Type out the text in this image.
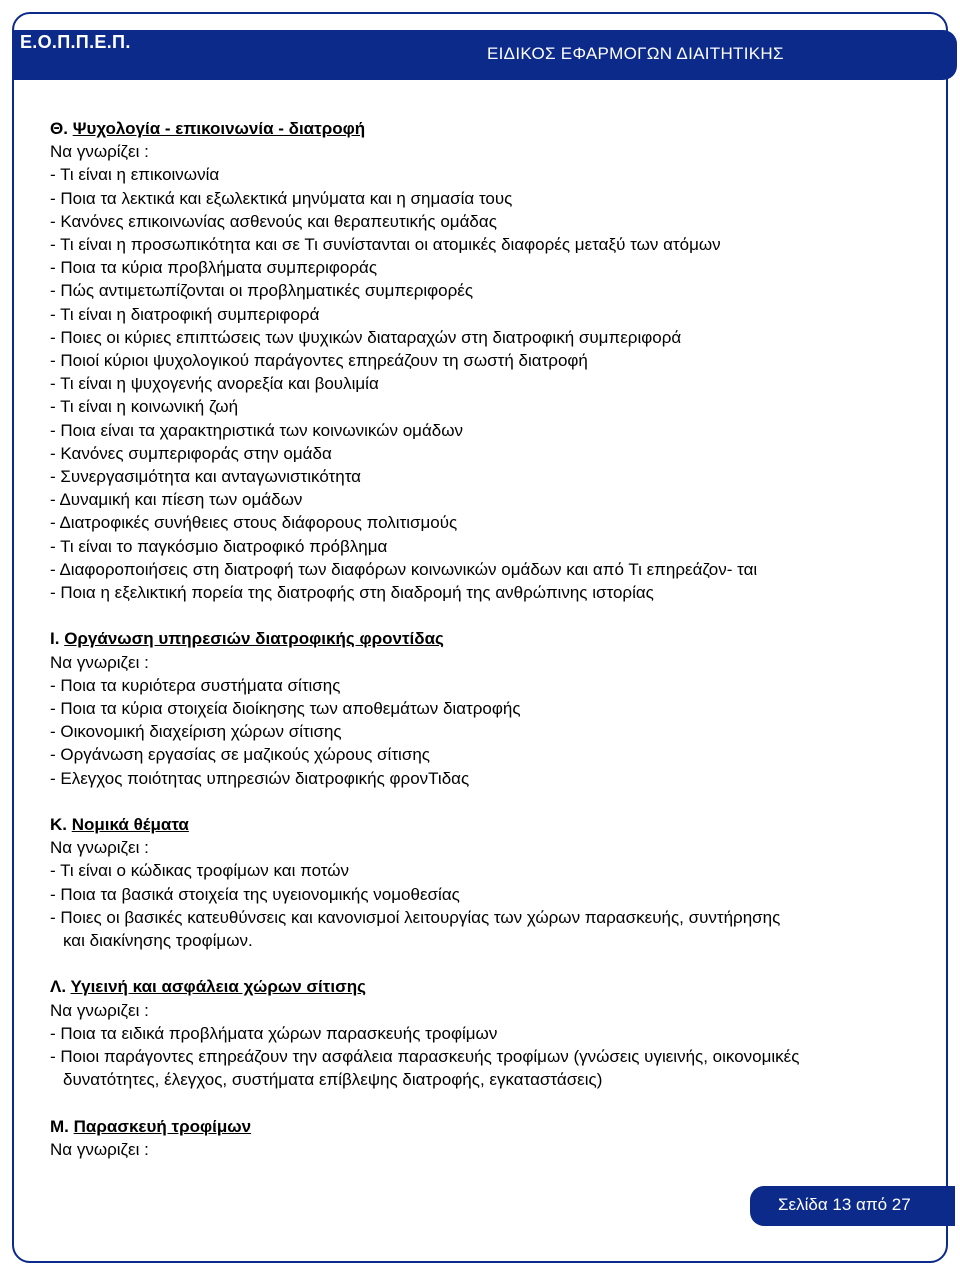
Ε.Ο.Π.Π.Ε.Π.
ΕΙΔΙΚΟΣ ΕΦΑΡΜΟΓΩΝ ΔΙΑΙΤΗΤΙΚΗΣ
Θ. Ψυχολογία - επικοινωνία - διατροφή
Να γνωρίζει :
- Τι είναι η επικοινωνία
- Ποια τα λεκτικά και εξωλεκτικά μηνύματα και η σημασία τους
- Κανόνες επικοινωνίας ασθενούς και θεραπευτικής ομάδας
- Τι είναι η προσωπικότητα και σε Τι συνίστανται οι ατομικές διαφορές μεταξύ των ατόμων
- Ποια τα κύρια προβλήματα συμπεριφοράς
- Πώς αντιμετωπίζονται οι προβληματικές συμπεριφορές
- Τι είναι η διατροφική συμπεριφορά
- Ποιες οι κύριες επιπτώσεις των ψυχικών διαταραχών στη διατροφική συμπεριφορά
- Ποιοί κύριοι ψυχολογικού παράγοντες επηρεάζουν τη σωστή διατροφή
- Τι είναι η ψυχογενής ανορεξία και βουλιμία
- Τι είναι η κοινωνική ζωή
- Ποια είναι τα χαρακτηριστικά των κοινωνικών ομάδων
- Κανόνες συμπεριφοράς στην ομάδα
- Συνεργασιμότητα και ανταγωνιστικότητα
- Δυναμική και πίεση των ομάδων
- Διατροφικές συνήθειες στους διάφορους πολιτισμούς
- Τι είναι το παγκόσμιο διατροφικό πρόβλημα
- Διαφοροποιήσεις στη διατροφή των διαφόρων κοινωνικών ομάδων και από Τι επηρεάζον- ται
- Ποια η εξελικτική πορεία της διατροφής στη διαδρομή της ανθρώπινης ιστορίας
Ι. Οργάνωση υπηρεσιών διατροφικής φροντίδας
Να γνωριζει :
- Ποια τα κυριότερα συστήματα σίτισης
- Ποια τα κύρια στοιχεία διοίκησης των αποθεμάτων διατροφής
- Οικονομική διαχείριση χώρων σίτισης
- Οργάνωση εργασίας σε μαζικούς χώρους σίτισης
- Ελεγχος ποιότητας υπηρεσιών διατροφικής φρονΤιδας
Κ. Νομικά θέματα
Να γνωριζει :
- Τι είναι ο κώδικας τροφίμων και ποτών
- Ποια τα βασικά στοιχεία της υγειονομικής νομοθεσίας
- Ποιες οι βασικές κατευθύνσεις και κανονισμοί λειτουργίας των χώρων παρασκευής, συντήρησης
και διακίνησης τροφίμων.
Λ. Υγιεινή και ασφάλεια χώρων σίτισης
Να γνωριζει :
- Ποια τα ειδικά προβλήματα χώρων παρασκευής τροφίμων
- Ποιοι παράγοντες επηρεάζουν την ασφάλεια παρασκευής τροφίμων (γνώσεις υγιεινής, οικονομικές
δυνατότητες, έλεγχος, συστήματα επίβλεψης διατροφής, εγκαταστάσεις)
Μ. Παρασκευή τροφίμων
Να γνωριζει :
Σελίδα 13 από 27
